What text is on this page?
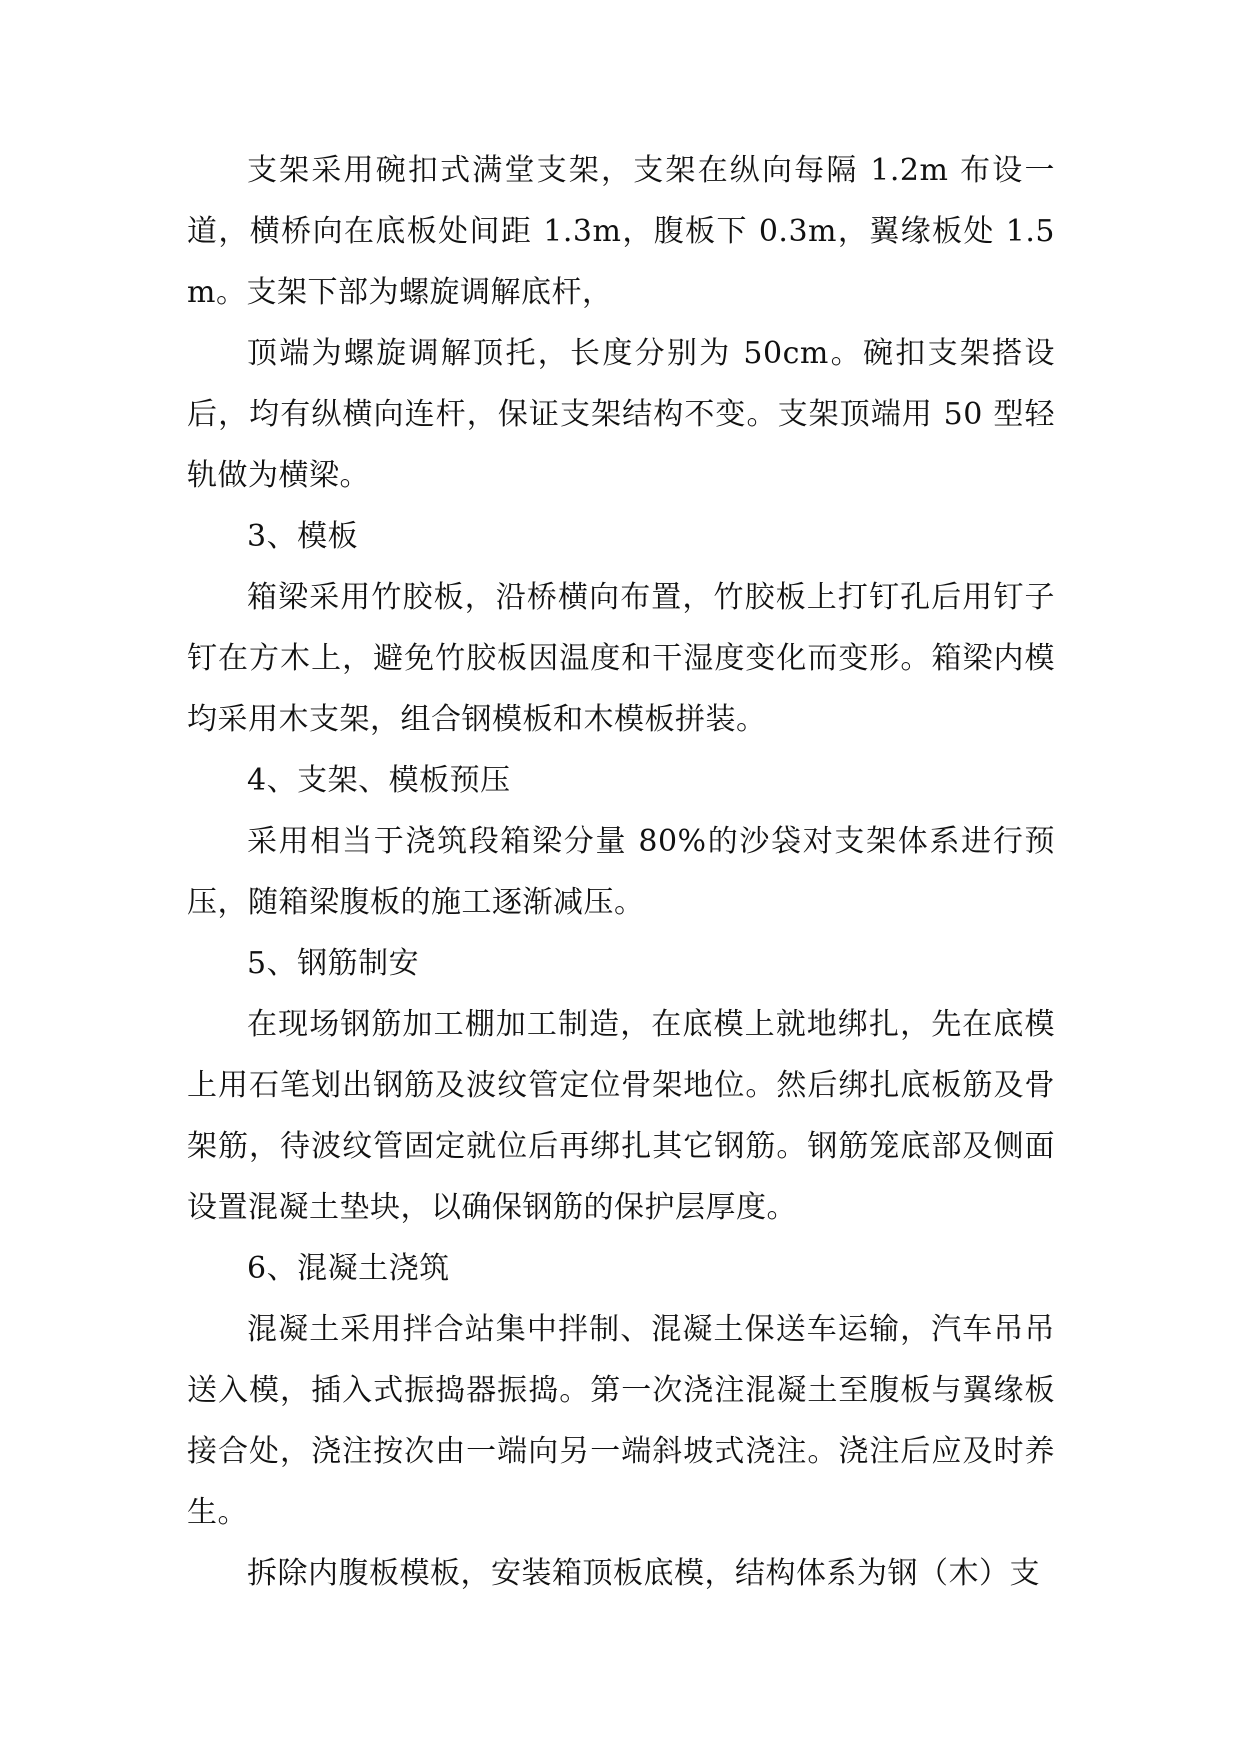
支架采用碗扣式满堂支架，支架在纵向每隔 1.2m 布设一道，横桥向在底板处间距 1.3m，腹板下 0.3m，翼缘板处 1.5m。支架下部为螺旋调解底杆，

顶端为螺旋调解顶托，长度分别为 50cm。碗扣支架搭设后，均有纵横向连杆，保证支架结构不变。支架顶端用 50 型轻轨做为横梁。

3、模板

箱梁采用竹胶板，沿桥横向布置，竹胶板上打钉孔后用钉子钉在方木上，避免竹胶板因温度和干湿度变化而变形。箱梁内模均采用木支架，组合钢模板和木模板拼装。

4、支架、模板预压

采用相当于浇筑段箱梁分量 80%的沙袋对支架体系进行预压，随箱梁腹板的施工逐渐减压。

5、钢筋制安

在现场钢筋加工棚加工制造，在底模上就地绑扎，先在底模上用石笔划出钢筋及波纹管定位骨架地位。然后绑扎底板筋及骨架筋，待波纹管固定就位后再绑扎其它钢筋。钢筋笼底部及侧面设置混凝土垫块，以确保钢筋的保护层厚度。

6、混凝土浇筑

混凝土采用拌合站集中拌制、混凝土保送车运输，汽车吊吊送入模，插入式振捣器振捣。第一次浇注混凝土至腹板与翼缘板接合处，浇注按次由一端向另一端斜坡式浇注。浇注后应及时养生。

拆除内腹板模板，安装箱顶板底模，结构体系为钢（木）支
